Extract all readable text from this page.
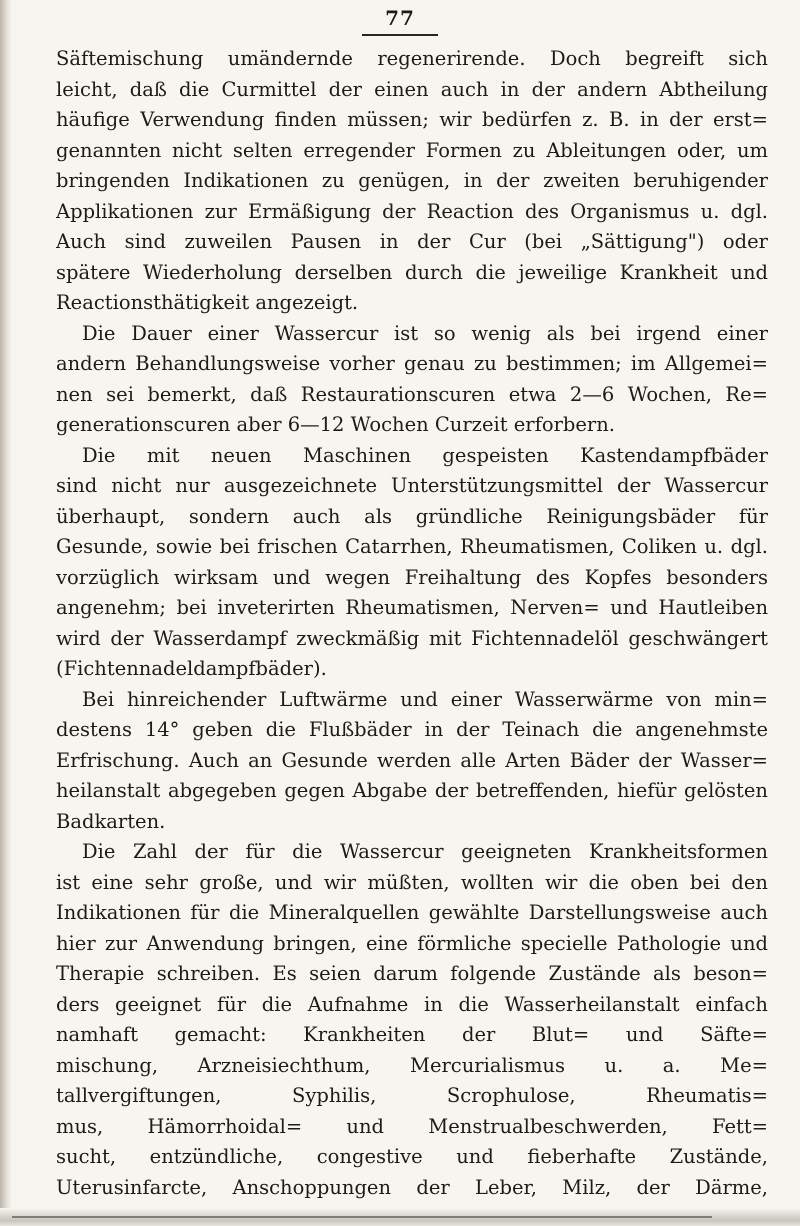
77
Säftemischung umändernde regenerirende. Doch begreift sich
leicht, daß die Curmittel der einen auch in der andern Abtheilung
häufige Verwendung finden müssen; wir bedürfen z. B. in der erst=
genannten nicht selten erregender Formen zu Ableitungen oder, um
bringenden Indikationen zu genügen, in der zweiten beruhigender
Applikationen zur Ermäßigung der Reaction des Organismus u. dgl.
Auch sind zuweilen Pausen in der Cur (bei „Sättigung") oder
spätere Wiederholung derselben durch die jeweilige Krankheit und
Reactionsthätigkeit angezeigt.
Die Dauer einer Wassercur ist so wenig als bei irgend einer
andern Behandlungsweise vorher genau zu bestimmen; im Allgemei=
nen sei bemerkt, daß Restaurationscuren etwa 2—6 Wochen, Re=
generationscuren aber 6—12 Wochen Curzeit erforbern.
Die mit neuen Maschinen gespeisten Kastendampfbäder
sind nicht nur ausgezeichnete Unterstützungsmittel der Wassercur
überhaupt, sondern auch als gründliche Reinigungsbäder für
Gesunde, sowie bei frischen Catarrhen, Rheumatismen, Coliken u. dgl.
vorzüglich wirksam und wegen Freihaltung des Kopfes besonders
angenehm; bei inveterirten Rheumatismen, Nerven= und Hautleiben
wird der Wasserdampf zweckmäßig mit Fichtennadelöl geschwängert
(Fichtennadeldampfbäder).
Bei hinreichender Luftwärme und einer Wasserwärme von min=
destens 14° geben die Flußbäder in der Teinach die angenehmste
Erfrischung. Auch an Gesunde werden alle Arten Bäder der Wasser=
heilanstalt abgegeben gegen Abgabe der betreffenden, hiefür gelösten
Badkarten.
Die Zahl der für die Wassercur geeigneten Krankheitsformen
ist eine sehr große, und wir müßten, wollten wir die oben bei den
Indikationen für die Mineralquellen gewählte Darstellungsweise auch
hier zur Anwendung bringen, eine förmliche specielle Pathologie und
Therapie schreiben. Es seien darum folgende Zustände als beson=
ders geeignet für die Aufnahme in die Wasserheilanstalt einfach
namhaft gemacht: Krankheiten der Blut= und Säfte=
mischung, Arzneisiechthum, Mercurialismus u. a. Me=
tallvergiftungen, Syphilis, Scrophulose, Rheumatis=
mus, Hämorrhoidal= und Menstrualbeschwerden, Fett=
sucht, entzündliche, congestive und fieberhafte Zustände,
Uterusinfarcte, Anschoppungen der Leber, Milz, der Därme,
